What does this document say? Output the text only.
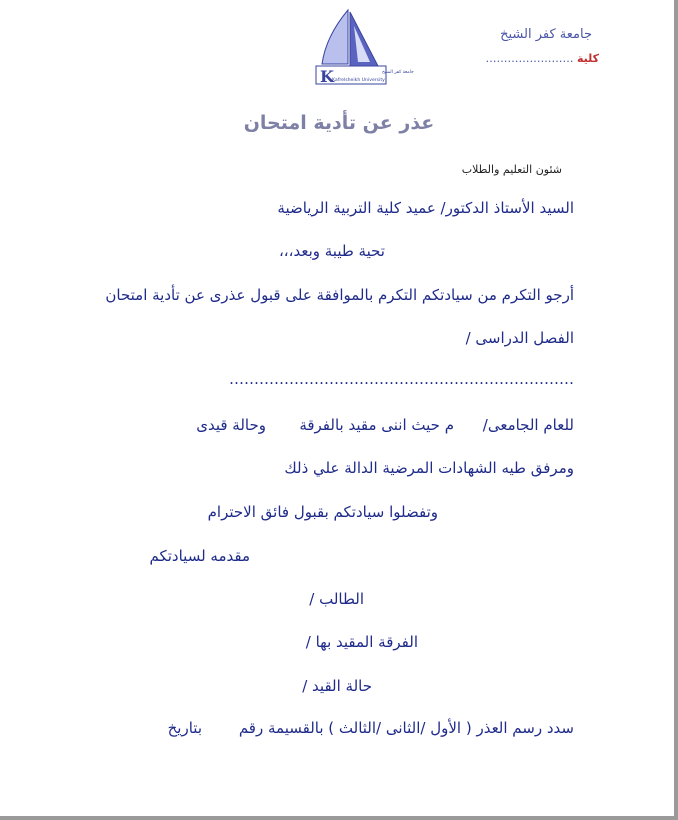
جامعة كفر الشيخ
كلية ……………………
K	جامعة كفر الشيخ
Kafrelsheikh University
عذر عن تأدية امتحان
شئون التعليم والطلاب
السيد الأستاذ الدكتور/ عميد كلية التربية الرياضية
تحية طيبة وبعد،،،
أرجو التكرم من سيادتكم التكرم بالموافقة على قبول عذرى عن تأدية امتحان
الفصل الدراسى /
……………………………………………………………
للعام الجامعى/
م حيث اننى مقيد بالفرقة
وحالة قيدى
ومرفق طيه الشهادات المرضية الدالة علي ذلك
وتفضلوا سيادتكم بقبول فائق الاحترام
مقدمه لسيادتكم
الطالب /
الفرقة المقيد بها /
حالة القيد /
سدد رسم العذر ( الأول /الثانى /الثالث ) بالقسيمة رقم
بتاريخ
